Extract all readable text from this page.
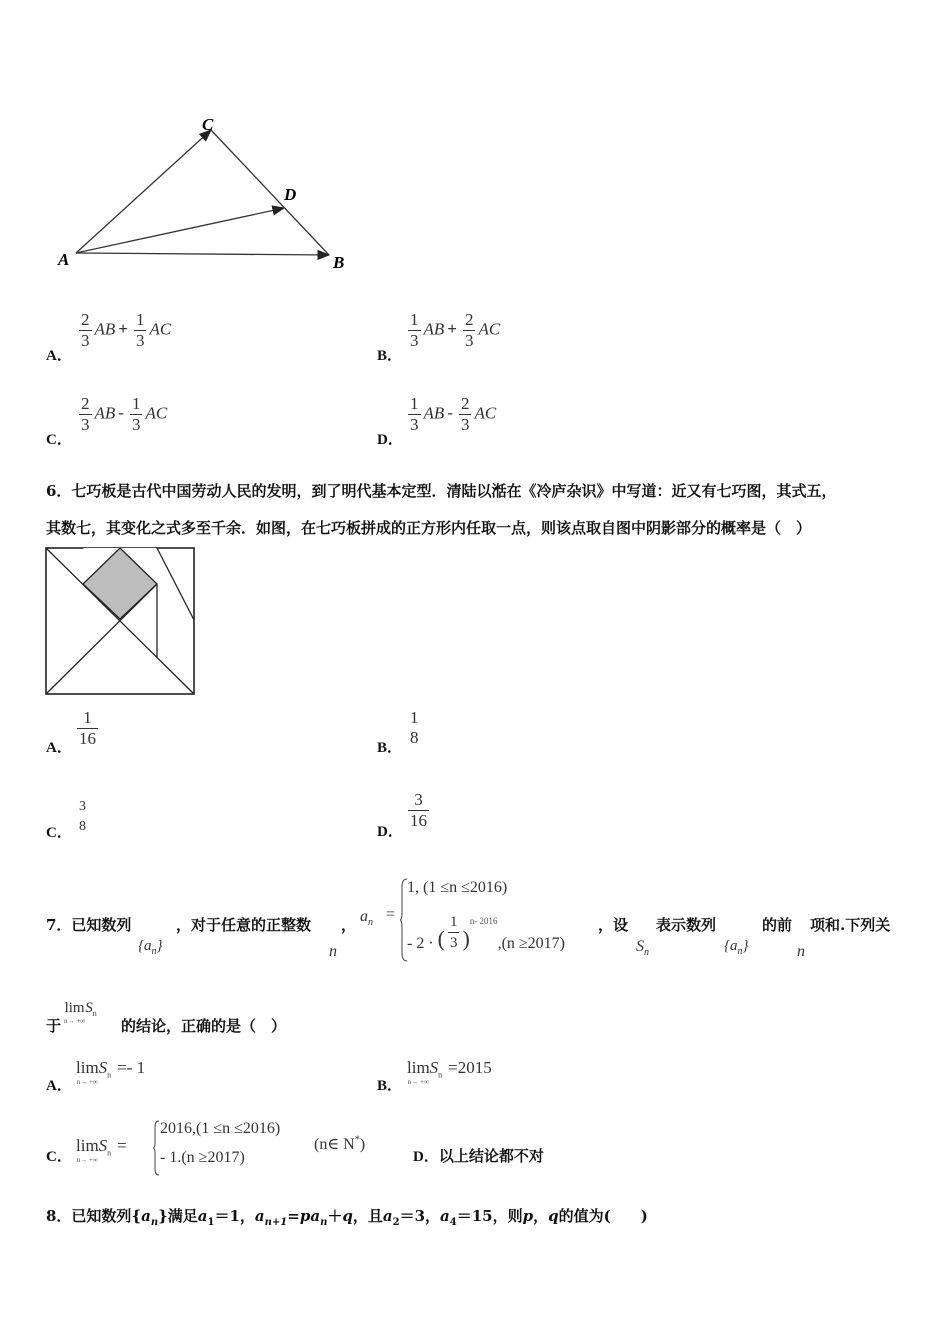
A	B
C
D
A．
$\frac{2}{3}$ AB + $\frac{1}{3}$ AC
B．
$\frac{1}{3}$ AB + $\frac{2}{3}$ AC
C．
$\frac{2}{3}$ AB - $\frac{1}{3}$ AC
D．
$\frac{1}{3}$ AB - $\frac{2}{3}$ AC
6．七巧板是古代中国劳动人民的发明，到了明代基本定型．清陆以湉在《冷庐杂识》中写道：近又有七巧图，其式五，
其数七，其变化之式多至千余．如图，在七巧板拼成的正方形内任取一点，则该点取自图中阴影部分的概率是（　）
A． $\frac{1}{16}$	B．
1
8
C．
3
8	D．
$\frac{3}{16}$
7．已知数列
$\{a_n\}$
，对于任意的正整数
n
， $a_n$ =
1, (1 ≤n ≤2016)
- 2 · ( $\frac{1}{3} )^{n- 2016},(n \ge 2017)$
，设
$S_n$
表示数列
$\{a_n\}$
的前
n
项和.下列关
于
lim
n→ +∞
$S_n$
的结论，正确的是（　）
A．
lim
n→ +∞
$S_n =- 1$
B．
lim
n→ +∞
$S_n =2015$
C．
lim
n→ +∞
$S_n$ =
2016,(1 ≤n ≤2016)
- 1.(n ≥2017)
(n∈ N*)
D．以上结论都不对
8．已知数列$\{a_n\}$满足$a_1=1$，$a_{n+1}=pa_n+q$，且$a_2=3$，$a_4=15$，则p，q的值为(　　)
